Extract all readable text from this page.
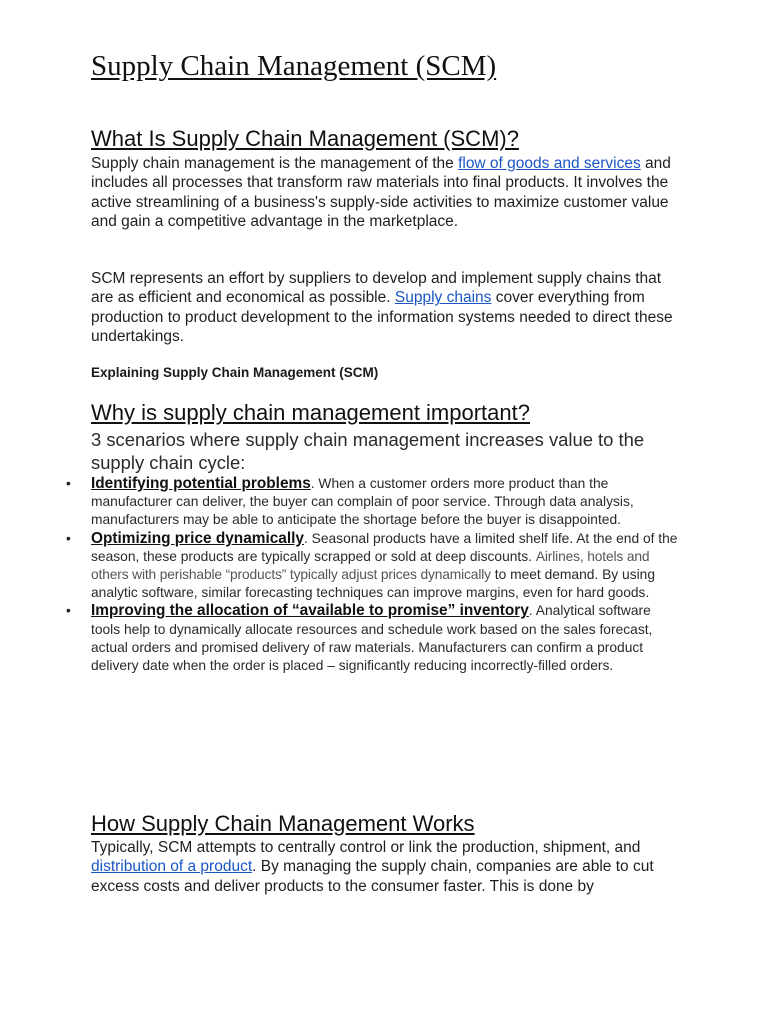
Supply Chain Management (SCM)
What Is Supply Chain Management (SCM)?

Supply chain management is the management of the flow of goods and services and includes all processes that transform raw materials into final products. It involves the active streamlining of a business's supply-side activities to maximize customer value and gain a competitive advantage in the marketplace.

SCM represents an effort by suppliers to develop and implement supply chains that are as efficient and economical as possible. Supply chains cover everything from production to product development to the information systems needed to direct these undertakings.

Explaining Supply Chain Management (SCM)

Why is supply chain management important?

3 scenarios where supply chain management increases value to the supply chain cycle:

• Identifying potential problems. When a customer orders more product than the manufacturer can deliver, the buyer can complain of poor service. Through data analysis, manufacturers may be able to anticipate the shortage before the buyer is disappointed.
• Optimizing price dynamically. Seasonal products have a limited shelf life. At the end of the season, these products are typically scrapped or sold at deep discounts. Airlines, hotels and others with perishable “products” typically adjust prices dynamically to meet demand. By using analytic software, similar forecasting techniques can improve margins, even for hard goods.
• Improving the allocation of “available to promise” inventory. Analytical software tools help to dynamically allocate resources and schedule work based on the sales forecast, actual orders and promised delivery of raw materials. Manufacturers can confirm a product delivery date when the order is placed – significantly reducing incorrectly-filled orders.
How Supply Chain Management Works

Typically, SCM attempts to centrally control or link the production, shipment, and distribution of a product. By managing the supply chain, companies are able to cut excess costs and deliver products to the consumer faster. This is done by
